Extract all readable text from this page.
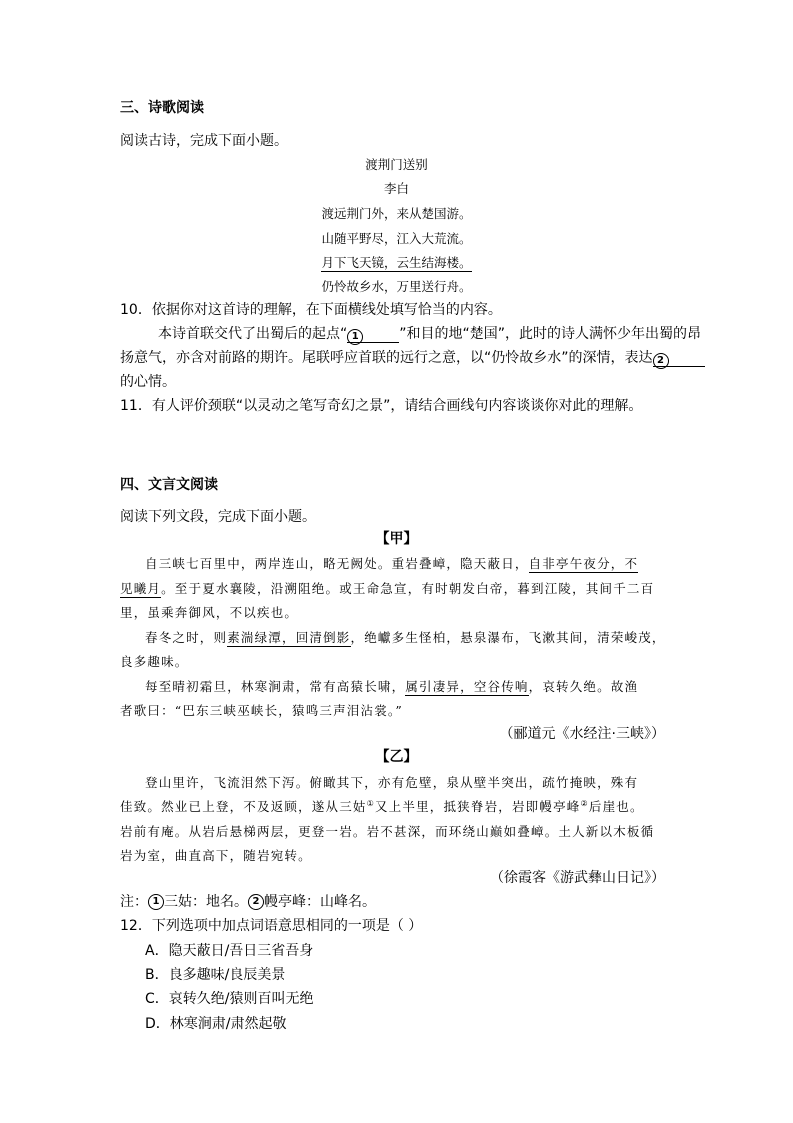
三、诗歌阅读
阅读古诗，完成下面小题。
渡荆门送别
李白
渡远荆门外，来从楚国游。
山随平野尽，江入大荒流。
月下飞天镜，云生结海楼。
仍怜故乡水，万里送行舟。
10．依据你对这首诗的理解，在下面横线处填写恰当的内容。
本诗首联交代了出蜀后的起点“ 1	”和目的地“楚国”，此时的诗人满怀少年出蜀的昂
扬意气，亦含对前路的期许。尾联呼应首联的远行之意，以“仍怜故乡水”的深情，表达 2
的心情。
11．有人评价颈联“以灵动之笔写奇幻之景”，请结合画线句内容谈谈你对此的理解。
四、文言文阅读
阅读下列文段，完成下面小题。
【甲】
自三峡七百里中，两岸连山，略无阙处。重岩叠嶂，隐天蔽日，自非亭午夜分，不
见曦月。至于夏水襄陵，沿溯阻绝。或王命急宣，有时朝发白帝，暮到江陵，其间千二百
里，虽乘奔御风，不以疾也。
春冬之时，则素湍绿潭，回清倒影，绝巘多生怪柏，悬泉瀑布，飞漱其间，清荣峻茂，
良多趣味。
每至晴初霜旦，林寒涧肃，常有高猿长啸，属引凄异，空谷传响，哀转久绝。故渔
者歌曰：“巴东三峡巫峡长，猿鸣三声泪沾裳。”
（郦道元《水经注·三峡》）
【乙】
登山里许，飞流泪然下泻。俯瞰其下，亦有危壁，泉从壁半突出，疏竹掩映，殊有
佳致。然业已上登，不及返顾，遂从三姑①又上半里，抵狭脊岩，岩即幔亭峰②后崖也。
岩前有庵。从岩后悬梯两层，更登一岩。岩不甚深，而环绕山巅如叠嶂。土人新以木板循
岩为室，曲直高下，随岩宛转。
（徐霞客《游武彝山日记》）
注： 1 三姑：地名。 2 幔亭峰：山峰名。
12．下列选项中加点词语意思相同的一项是（ ）
A．隐天蔽日/吾日三省吾身
B．良多趣味/良辰美景
C．哀转久绝/猿则百叫无绝
D．林寒涧肃/肃然起敬
